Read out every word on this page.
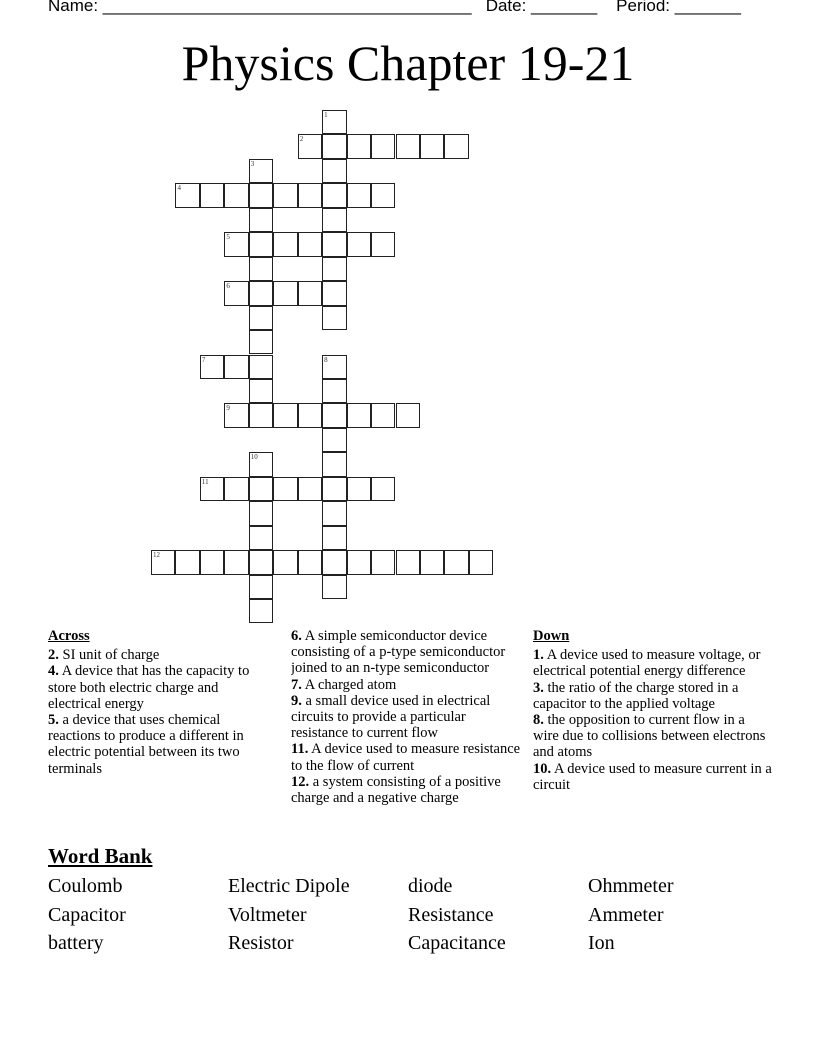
Name: _______________________________________ Date: _______ Period: _______
Physics Chapter 19-21
1
2
3
4
5
6
7	8
9
10
11
12
Across
2. SI unit of charge
4. A device that has the capacity to store both electric charge and electrical energy
5. a device that uses chemical reactions to produce a different in electric potential between its two terminals
6. A simple semiconductor device consisting of a p-type semiconductor joined to an n-type semiconductor
7. A charged atom
9. a small device used in electrical circuits to provide a particular resistance to current flow
11. A device used to measure resistance to the flow of current
12. a system consisting of a positive charge and a negative charge
Down
1. A device used to measure voltage, or electrical potential energy difference
3. the ratio of the charge stored in a capacitor to the applied voltage
8. the opposition to current flow in a wire due to collisions between electrons and atoms
10. A device used to measure current in a circuit
Word Bank
Coulomb	Electric Dipole	diode	Ohmmeter
Capacitor	Voltmeter	Resistance	Ammeter
battery	Resistor	Capacitance	Ion
